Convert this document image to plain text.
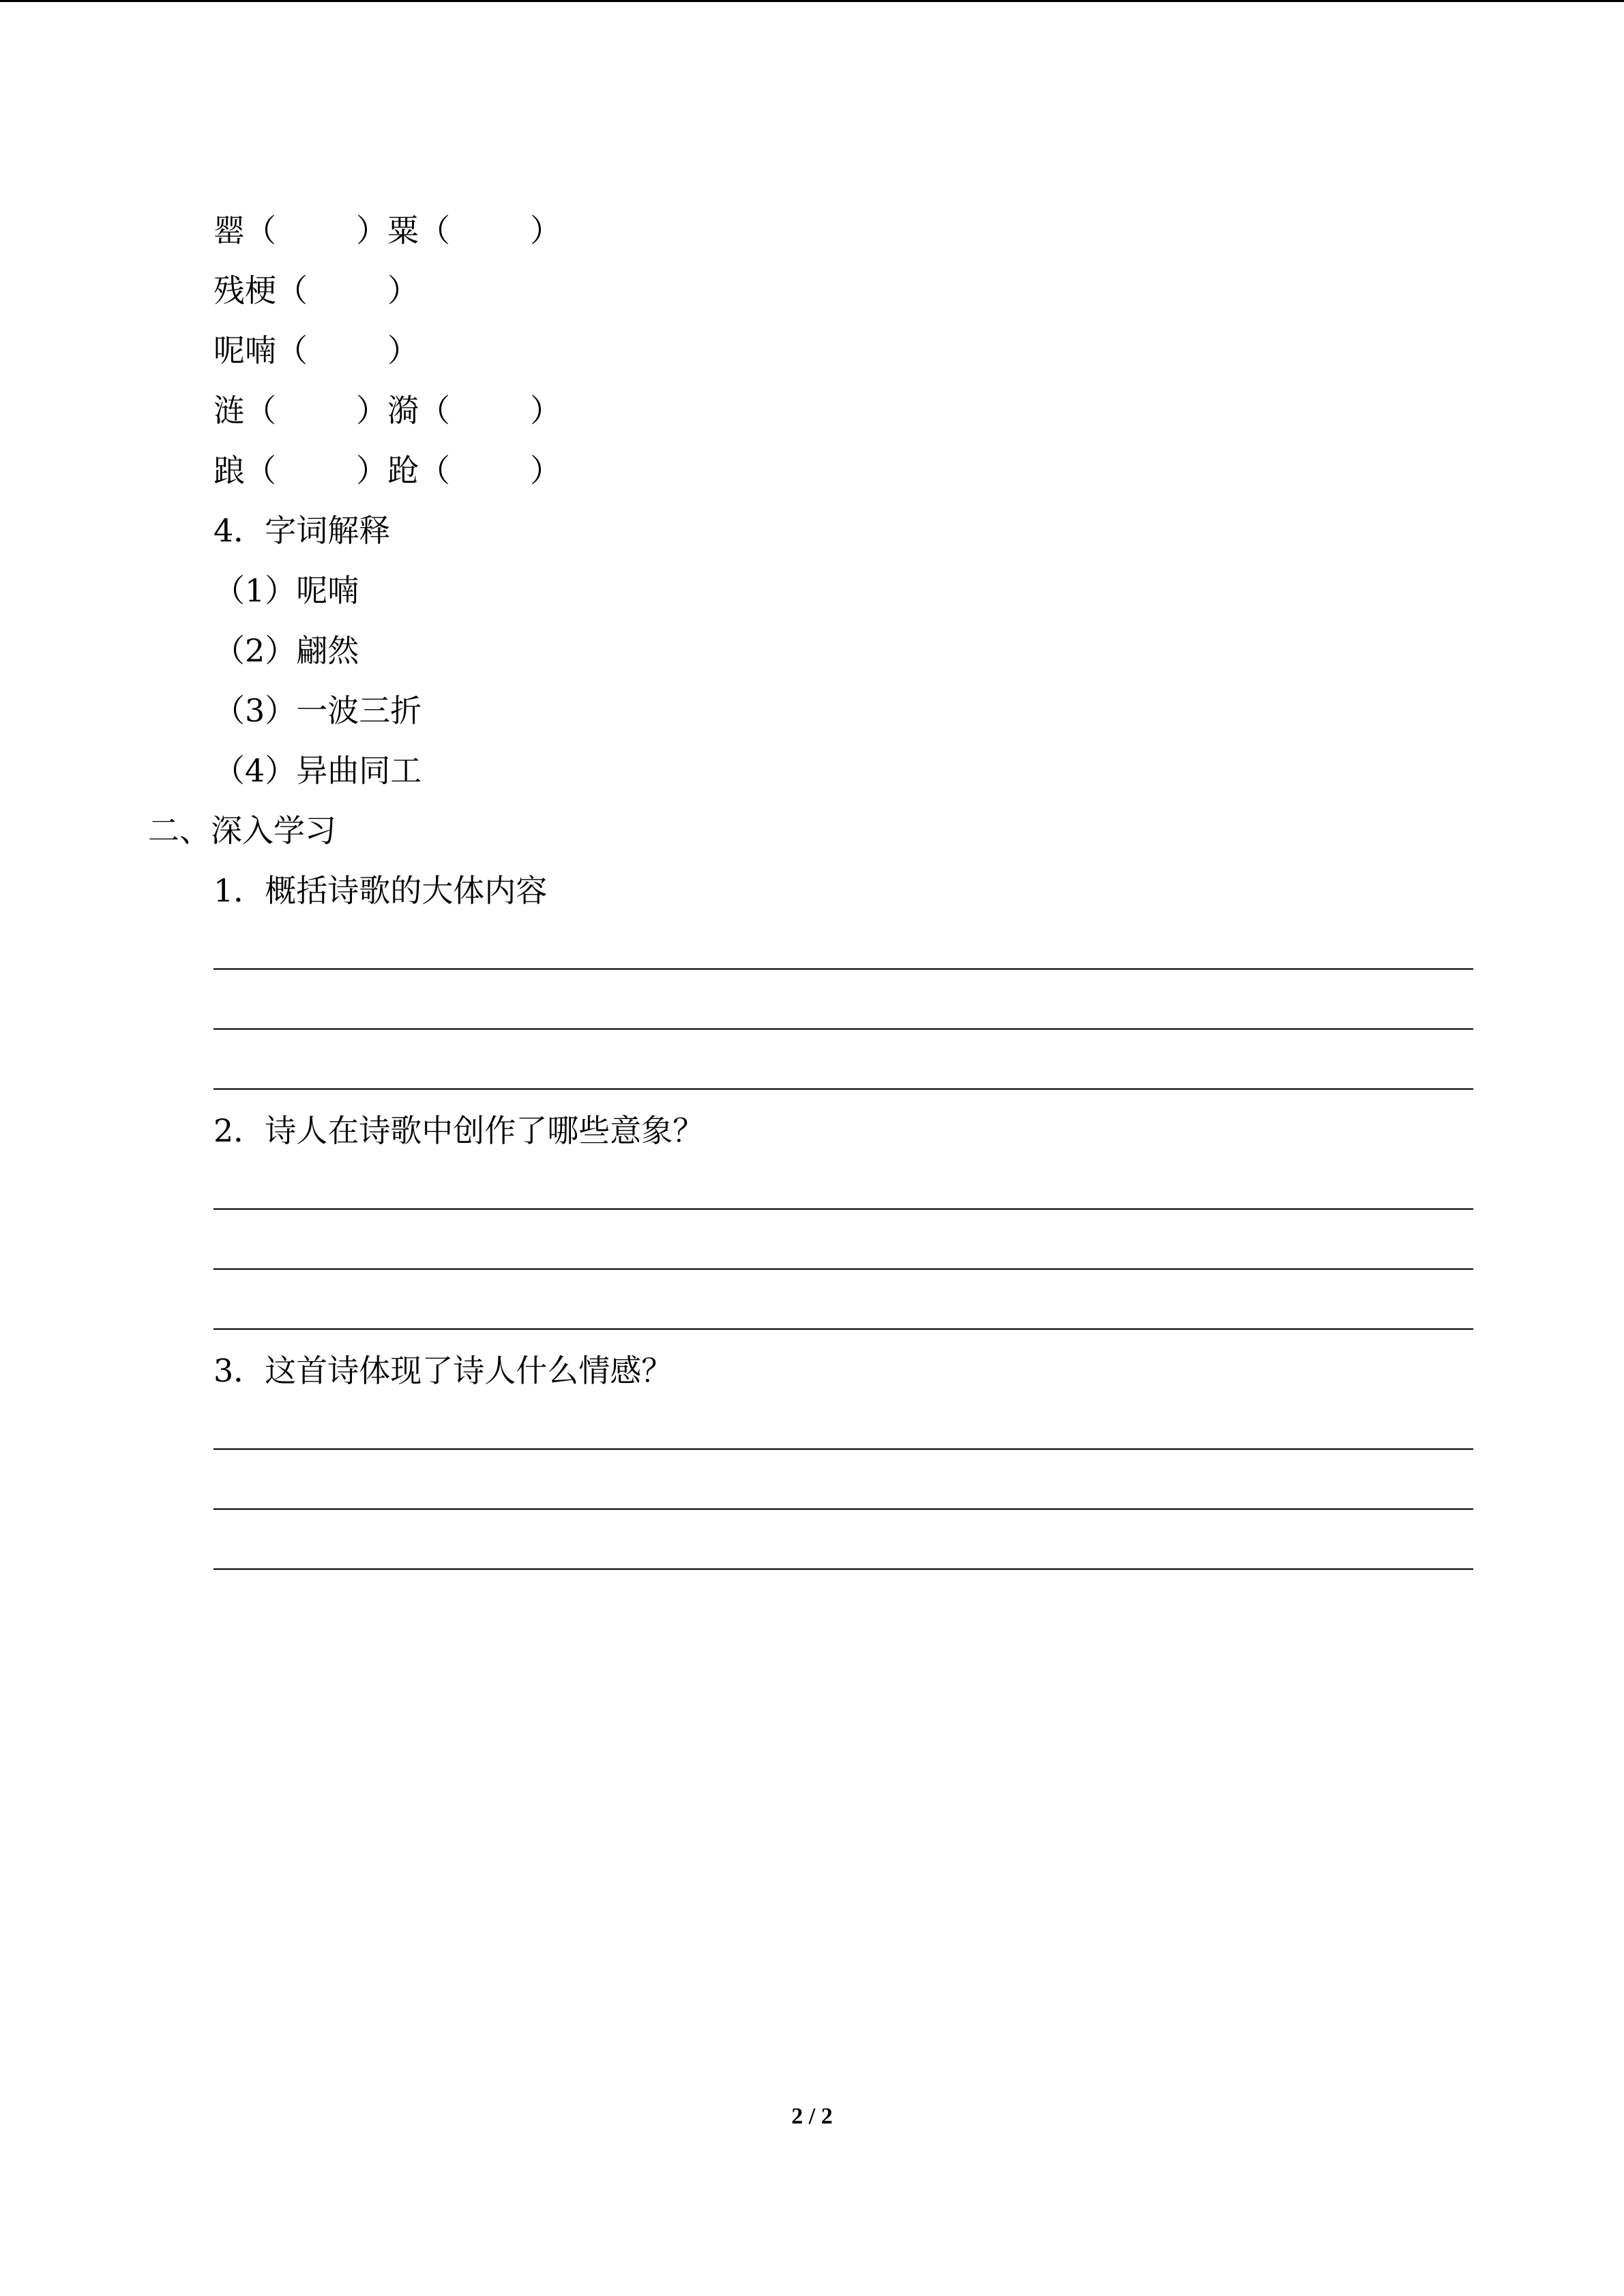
罂（        ）粟（        ）
残梗（        ）
呢喃（        ）
涟（        ）漪（        ）
踉（        ）跄（        ）
4．字词解释
（1）呢喃
（2）翩然
（3）一波三折
（4）异曲同工
二、深入学习
1．概括诗歌的大体内容
2．诗人在诗歌中创作了哪些意象？
3．这首诗体现了诗人什么情感？
2 / 2
